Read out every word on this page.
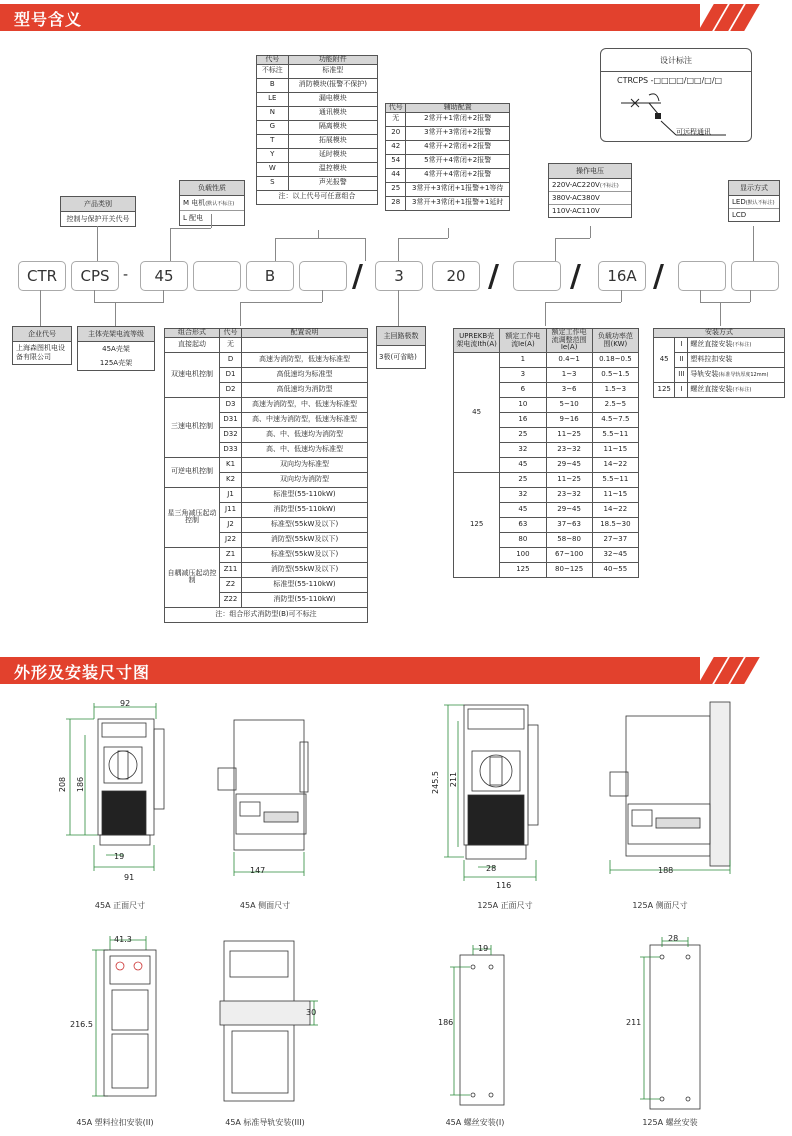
型号含义
代号	功能附件
不标注	标准型
B	消防模块(报警不保护)
LE	漏电模块
N	通讯模块
G	隔离模块
T	拓展模块
Y	延时模块
W	温控模块
S	声光报警
注：以上代号可任意组合	
代号	辅助配置
无	2常开+1常闭+2报警
20	3常开+3常闭+2报警
42	4常开+2常闭+2报警
54	5常开+4常闭+2报警
44	4常开+4常闭+2报警
25	3常开+3常闭+1报警+1等待
28	3常开+3常闭+1报警+1延时
设计标注
CTRCPS -□□□□/□□/□/□
可远程通讯
操作电压
220V-AC220V(不标注)
380V-AC380V
110V-AC110V
显示方式
LED(默认不标注)
LCD
产品类别
控制与保护开关代号
负载性质
M 电机(默认不标注)
L 配电
CTR	CPS -	45	B	/	3	20 / /	16A /
企业代号
上海森图机电设备有限公司
主体壳架电流等级
45A壳架
125A壳架
组合形式	代号	配置说明
直接起动	无	
双速电机控制	D	高速为消防型，低速为标准型
	D1	高低速均为标准型
	D2	高低速均为消防型
三速电机控制	D3	高速为消防型，中、低速为标准型
	D31	高、中速为消防型，低速为标准型
	D32	高、中、低速均为消防型
	D33	高、中、低速均为标准型
可逆电机控制	K1	双向均为标准型
	K2	双向均为消防型
星三角减压起动控制	J1	标准型(55-110kW)
	J11	消防型(55-110kW)
	J2	标准型(55kW及以下)
	J22	消防型(55kW及以下)
自耦减压起动控制	Z1	标准型(55kW及以下)
	Z11	消防型(55kW及以下)
	Z2	标准型(55-110kW)
	Z22	消防型(55-110kW)
注：组合形式消防型(B)可不标注		
主回路极数
3极(可省略)
UPREKB壳架电流Ith(A)	额定工作电流Ie(A)	额定工作电流调整范围Ie(A)	负载功率范围(KW)
45	1	0.4~1	0.18~0.5
	3	1~3	0.5~1.5
	6	3~6	1.5~3
	10	5~10	2.5~5
	16	9~16	4.5~7.5
	25	11~25	5.5~11
	32	23~32	11~15
	45	29~45	14~22
125	25	11~25	5.5~11
	32	23~32	11~15
	45	29~45	14~22
	63	37~63	18.5~30
	80	58~80	27~37
	100	67~100	32~45
	125	80~125	40~55
安装方式		
45	I	螺丝直接安装(不标注)
	II	塑料拉扣安装
	III	导轨安装(标准导轨厚度12mm)
125	I	螺丝直接安装(不标注)
外形及安装尺寸图
92
208 186
19
91
45A 正面尺寸
147
45A 侧面尺寸
245.5 211
28
116
125A 正面尺寸
188
125A 侧面尺寸
41.3
216.5
45A 塑料拉扣安装(II)
30
45A 标准导轨安装(III)
19
186
45A 螺丝安装(I)
28
211
125A 螺丝安装
